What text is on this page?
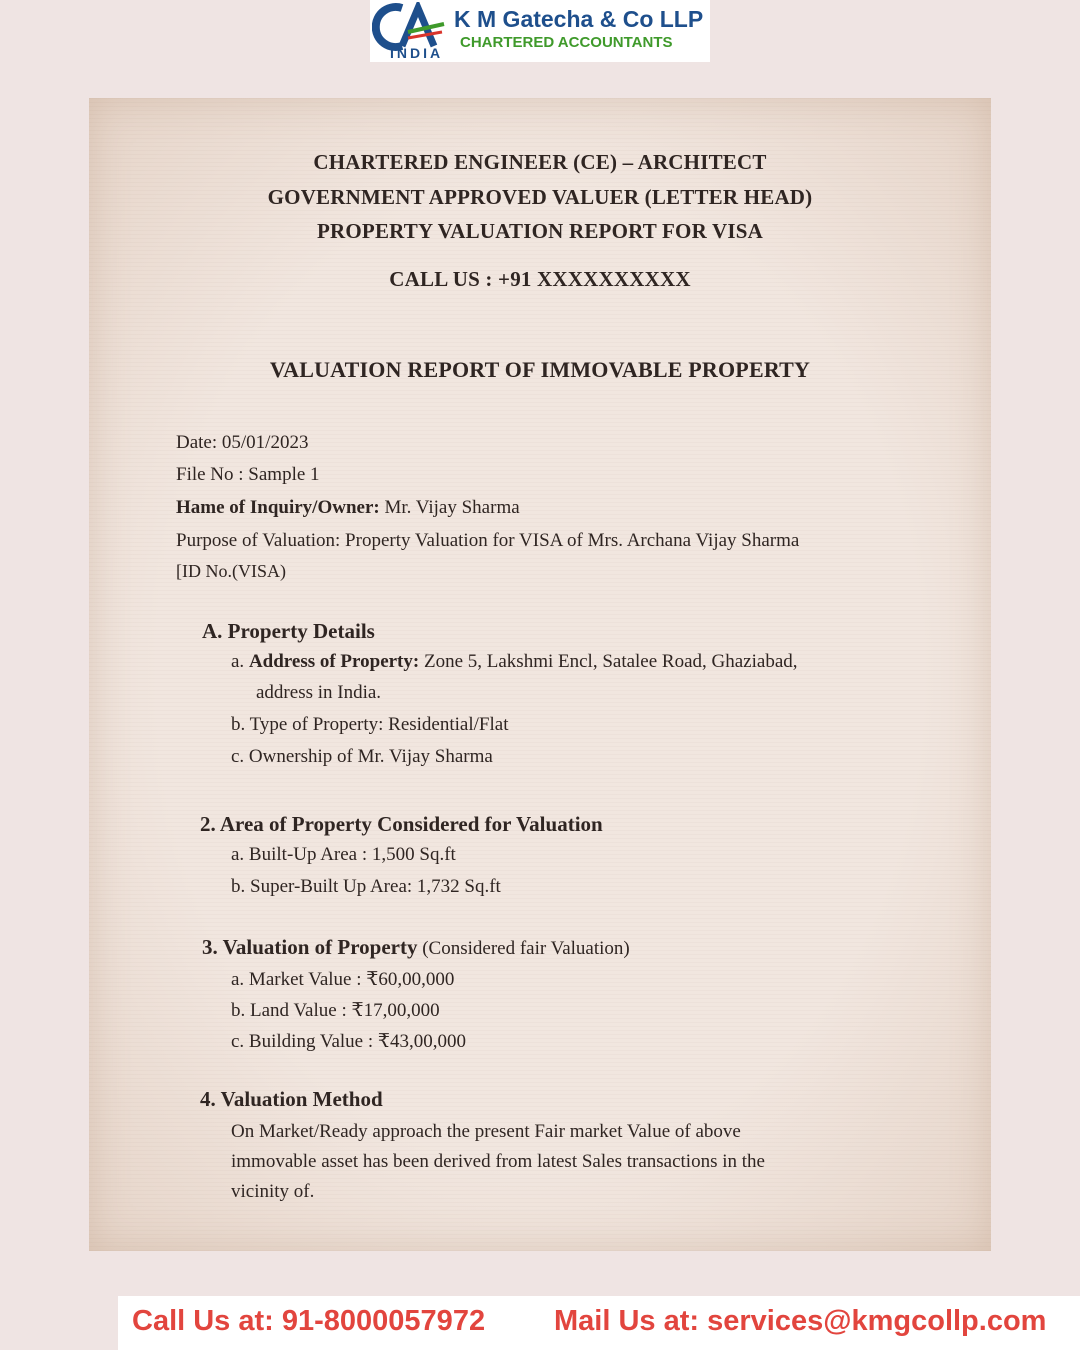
INDIA
K M Gatecha & Co LLP
CHARTERED ACCOUNTANTS
CHARTERED ENGINEER (CE) – ARCHITECT
GOVERNMENT APPROVED VALUER (LETTER HEAD)
PROPERTY VALUATION REPORT FOR VISA
CALL US : +91 XXXXXXXXXX
VALUATION REPORT OF IMMOVABLE PROPERTY
Date: 05/01/2023
File No : Sample 1
Hame of Inquiry/Owner: Mr. Vijay Sharma
Purpose of Valuation: Property Valuation for VISA of Mrs. Archana Vijay Sharma
[ID No.(VISA)
A. Property Details
a. Address of Property: Zone 5, Lakshmi Encl, Satalee Road, Ghaziabad,
address in India.
b. Type of Property: Residential/Flat
c. Ownership of Mr. Vijay Sharma
2. Area of Property Considered for Valuation
a. Built-Up Area : 1,500 Sq.ft
b. Super-Built Up Area: 1,732 Sq.ft
3. Valuation of Property (Considered fair Valuation)
a. Market Value : ₹60,00,000
b. Land Value : ₹17,00,000
c. Building Value : ₹43,00,000
4. Valuation Method
On Market/Ready approach the present Fair market Value of above
immovable asset has been derived from latest Sales transactions in the
vicinity of.
Call Us at: 91-8000057972 Mail Us at: services@kmgcollp.com
